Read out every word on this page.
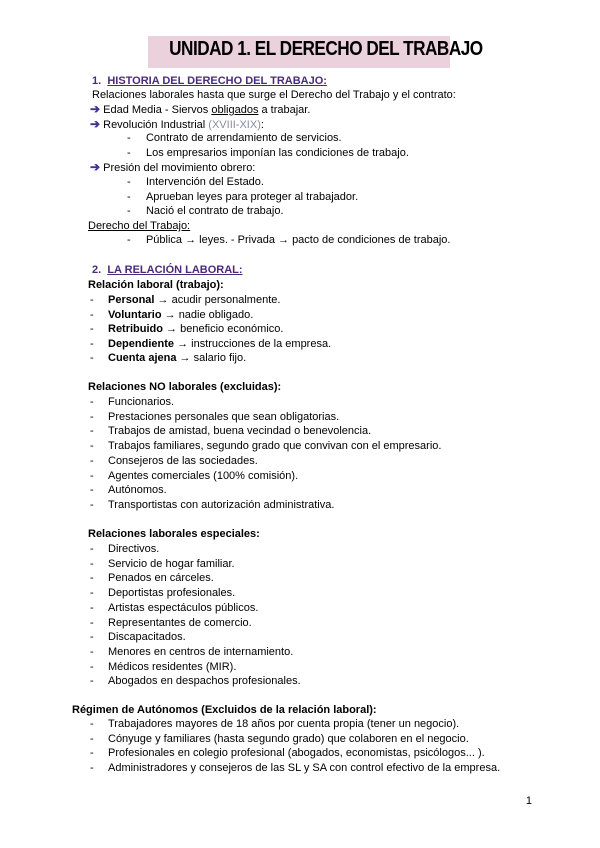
UNIDAD 1. EL DERECHO DEL TRABAJO
1. HISTORIA DEL DERECHO DEL TRABAJO:
Relaciones laborales hasta que surge el Derecho del Trabajo y el contrato:
➔ Edad Media - Siervos obligados a trabajar.
➔ Revolución Industrial (XVIII-XIX):
-     Contrato de arrendamiento de servicios.
-     Los empresarios imponían las condiciones de trabajo.
➔ Presión del movimiento obrero:
-     Intervención del Estado.
-     Aprueban leyes para proteger al trabajador.
-     Nació el contrato de trabajo.
Derecho del Trabajo:
-     Pública → leyes. - Privada → pacto de condiciones de trabajo.
2. LA RELACIÓN LABORAL:
Relación laboral (trabajo):
- Personal → acudir personalmente.
- Voluntario → nadie obligado.
- Retribuido → beneficio económico.
- Dependiente → instrucciones de la empresa.
- Cuenta ajena → salario fijo.
Relaciones NO laborales (excluidas):
- Funcionarios.
- Prestaciones personales que sean obligatorias.
- Trabajos de amistad, buena vecindad o benevolencia.
- Trabajos familiares, segundo grado que convivan con el empresario.
- Consejeros de las sociedades.
- Agentes comerciales (100% comisión).
- Autónomos.
- Transportistas con autorización administrativa.
Relaciones laborales especiales:
- Directivos.
- Servicio de hogar familiar.
- Penados en cárceles.
- Deportistas profesionales.
- Artistas espectáculos públicos.
- Representantes de comercio.
- Discapacitados.
- Menores en centros de internamiento.
- Médicos residentes (MIR).
- Abogados en despachos profesionales.
Régimen de Autónomos (Excluidos de la relación laboral):
- Trabajadores mayores de 18 años por cuenta propia (tener un negocio).
- Cónyuge y familiares (hasta segundo grado) que colaboren en el negocio.
- Profesionales en colegio profesional (abogados, economistas, psicólogos... ).
- Administradores y consejeros de las SL y SA con control efectivo de la empresa.
1
